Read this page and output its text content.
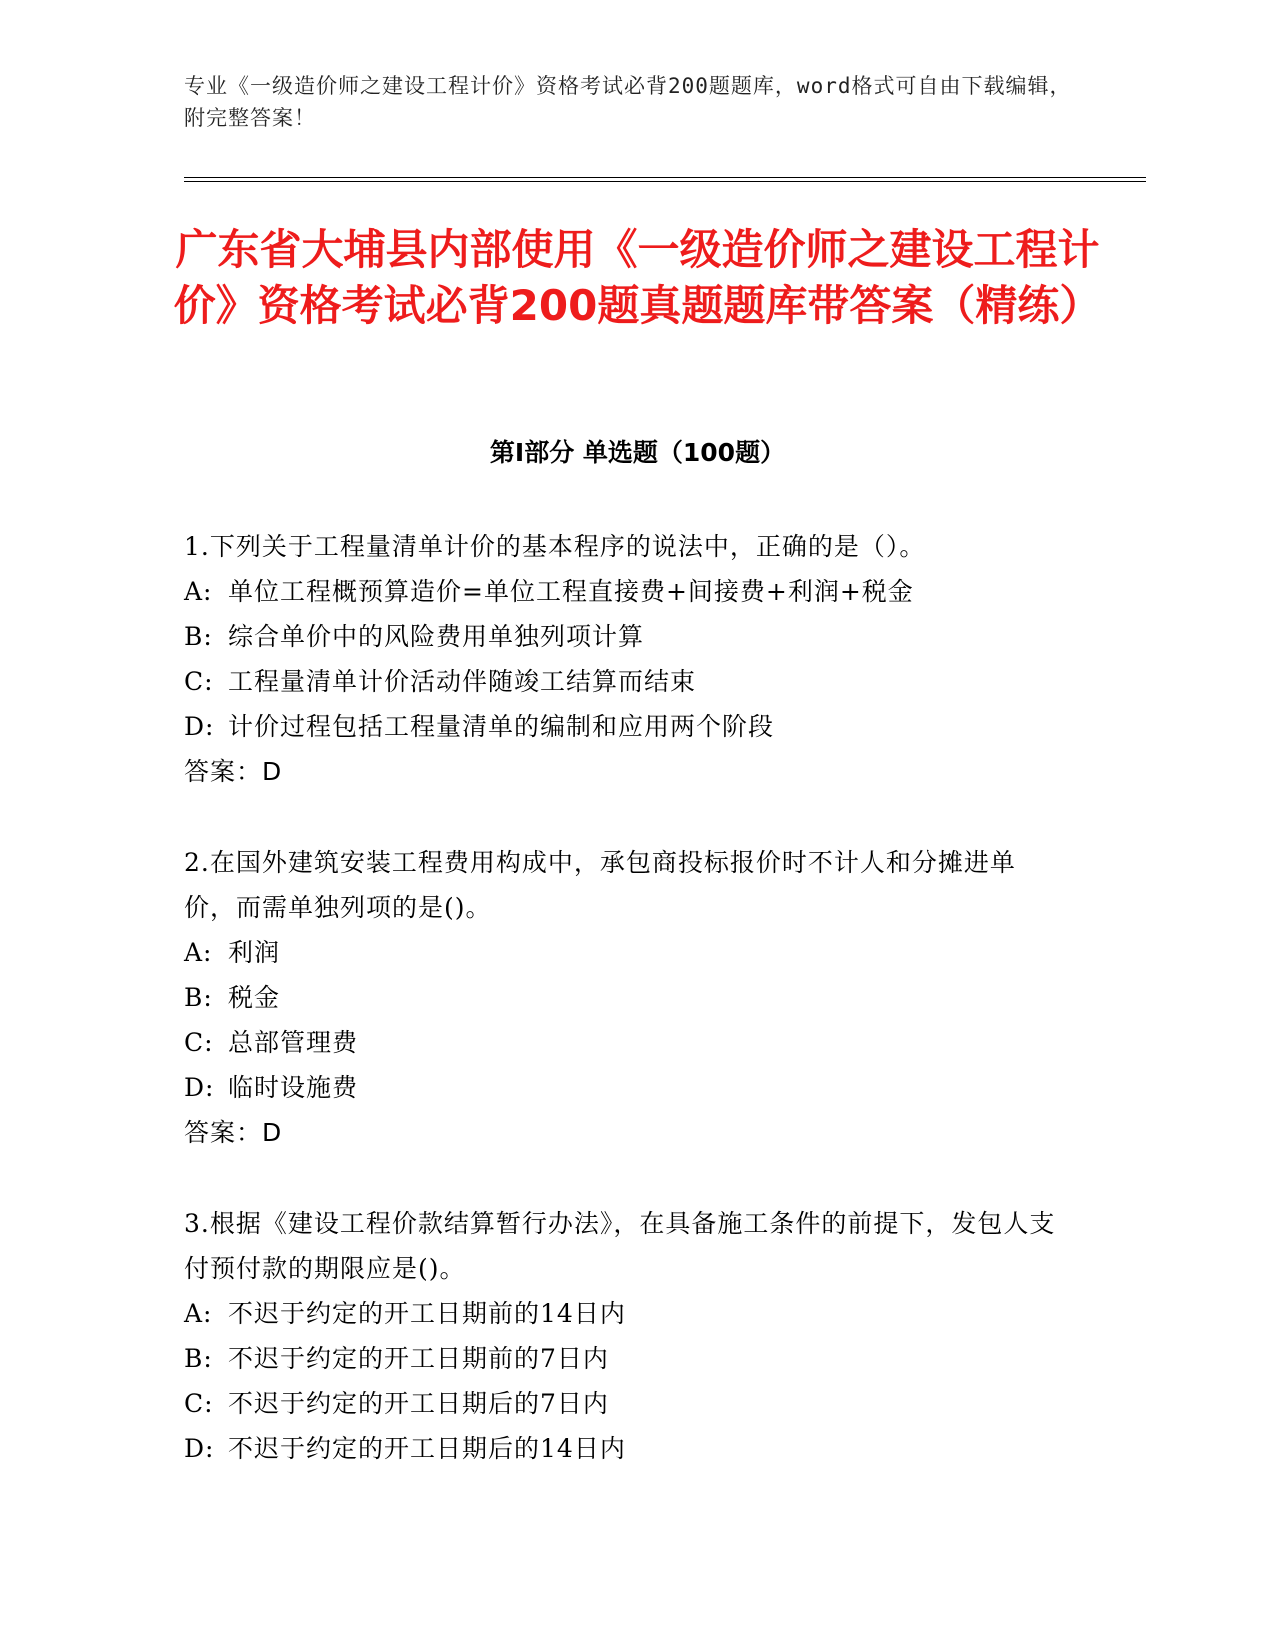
专业《一级造价师之建设工程计价》资格考试必背200题题库，word格式可自由下载编辑，附完整答案！
广东省大埔县内部使用《一级造价师之建设工程计价》资格考试必背200题真题题库带答案（精练）
第Ⅰ部分 单选题（100题）

1.下列关于工程量清单计价的基本程序的说法中，正确的是（）。

A: 单位工程概预算造价=单位工程直接费+间接费+利润+税金

B: 综合单价中的风险费用单独列项计算

C: 工程量清单计价活动伴随竣工结算而结束

D: 计价过程包括工程量清单的编制和应用两个阶段

答案：D

2.在国外建筑安装工程费用构成中，承包商投标报价时不计人和分摊进单价，而需单独列项的是()。

A: 利润

B: 税金

C: 总部管理费

D: 临时设施费

答案：D

3.根据《建设工程价款结算暂行办法》，在具备施工条件的前提下，发包人支付预付款的期限应是()。

A: 不迟于约定的开工日期前的14日内

B: 不迟于约定的开工日期前的7日内

C: 不迟于约定的开工日期后的7日内

D: 不迟于约定的开工日期后的14日内
